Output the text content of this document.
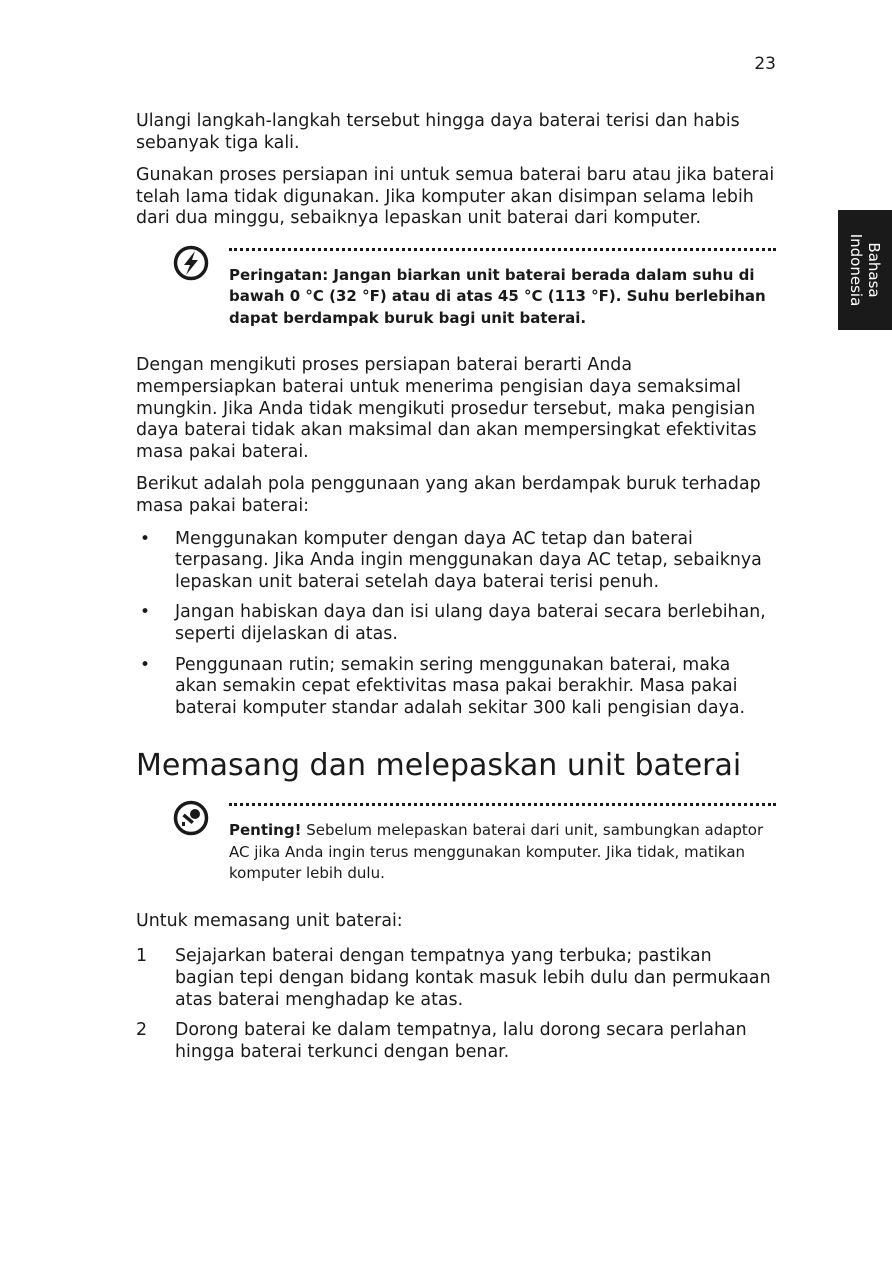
23
Bahasa
Indonesia

Ulangi langkah-langkah tersebut hingga daya baterai terisi dan habis sebanyak tiga kali.

Gunakan proses persiapan ini untuk semua baterai baru atau jika baterai telah lama tidak digunakan. Jika komputer akan disimpan selama lebih dari dua minggu, sebaiknya lepaskan unit baterai dari komputer.

Peringatan: Jangan biarkan unit baterai berada dalam suhu di bawah 0 °C (32 °F) atau di atas 45 °C (113 °F). Suhu berlebihan dapat berdampak buruk bagi unit baterai.

Dengan mengikuti proses persiapan baterai berarti Anda mempersiapkan baterai untuk menerima pengisian daya semaksimal mungkin. Jika Anda tidak mengikuti prosedur tersebut, maka pengisian daya baterai tidak akan maksimal dan akan mempersingkat efektivitas masa pakai baterai.

Berikut adalah pola penggunaan yang akan berdampak buruk terhadap masa pakai baterai:

• Menggunakan komputer dengan daya AC tetap dan baterai terpasang. Jika Anda ingin menggunakan daya AC tetap, sebaiknya lepaskan unit baterai setelah daya baterai terisi penuh.
• Jangan habiskan daya dan isi ulang daya baterai secara berlebihan, seperti dijelaskan di atas.
• Penggunaan rutin; semakin sering menggunakan baterai, maka akan semakin cepat efektivitas masa pakai berakhir. Masa pakai baterai komputer standar adalah sekitar 300 kali pengisian daya.
Memasang dan melepaskan unit baterai
Penting! Sebelum melepaskan baterai dari unit, sambungkan adaptor AC jika Anda ingin terus menggunakan komputer. Jika tidak, matikan komputer lebih dulu.

Untuk memasang unit baterai:

1 Sejajarkan baterai dengan tempatnya yang terbuka; pastikan bagian tepi dengan bidang kontak masuk lebih dulu dan permukaan atas baterai menghadap ke atas.
2 Dorong baterai ke dalam tempatnya, lalu dorong secara perlahan hingga baterai terkunci dengan benar.
